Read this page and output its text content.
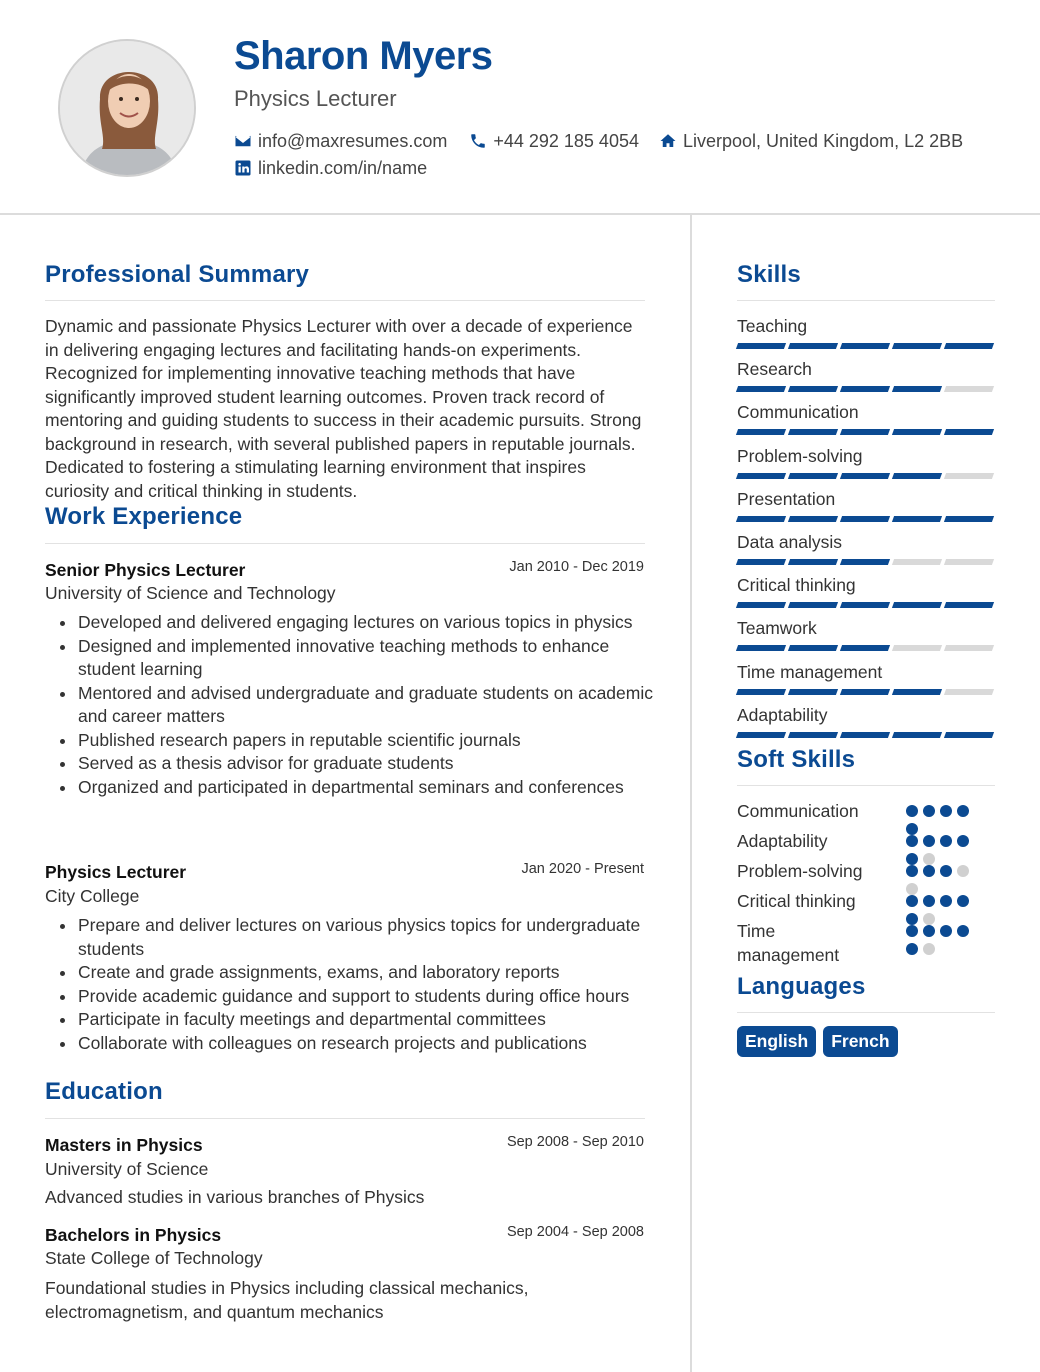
Sharon Myers
Physics Lecturer
info@maxresumes.com	+44 292 185 4054 Liverpool, United Kingdom, L2 2BB
linkedin.com/in/name
Professional Summary
Dynamic and passionate Physics Lecturer with over a decade of experience in delivering engaging lectures and facilitating hands-on experiments. Recognized for implementing innovative teaching methods that have significantly improved student learning outcomes. Proven track record of mentoring and guiding students to success in their academic pursuits. Strong background in research, with several published papers in reputable journals. Dedicated to fostering a stimulating learning environment that inspires curiosity and critical thinking in students.
Work Experience
Senior Physics Lecturer	Jan 2010 - Dec 2019
University of Science and Technology
Developed and delivered engaging lectures on various topics in physics
Designed and implemented innovative teaching methods to enhance student learning
Mentored and advised undergraduate and graduate students on academic and career matters
Published research papers in reputable scientific journals
Served as a thesis advisor for graduate students
Organized and participated in departmental seminars and conferences
Physics Lecturer	Jan 2020 - Present
City College
Prepare and deliver lectures on various physics topics for undergraduate students
Create and grade assignments, exams, and laboratory reports
Provide academic guidance and support to students during office hours
Participate in faculty meetings and departmental committees
Collaborate with colleagues on research projects and publications
Education
Masters in Physics	Sep 2008 - Sep 2010
University of Science
Advanced studies in various branches of Physics
Bachelors in Physics	Sep 2004 - Sep 2008
State College of Technology
Foundational studies in Physics including classical mechanics, electromagnetism, and quantum mechanics
Skills
Teaching
Research
Communication
Problem-solving
Presentation
Data analysis
Critical thinking
Teamwork
Time management
Adaptability
Soft Skills
Communication
Adaptability
Problem-solving
Critical thinking
Time management
Languages
English	French
